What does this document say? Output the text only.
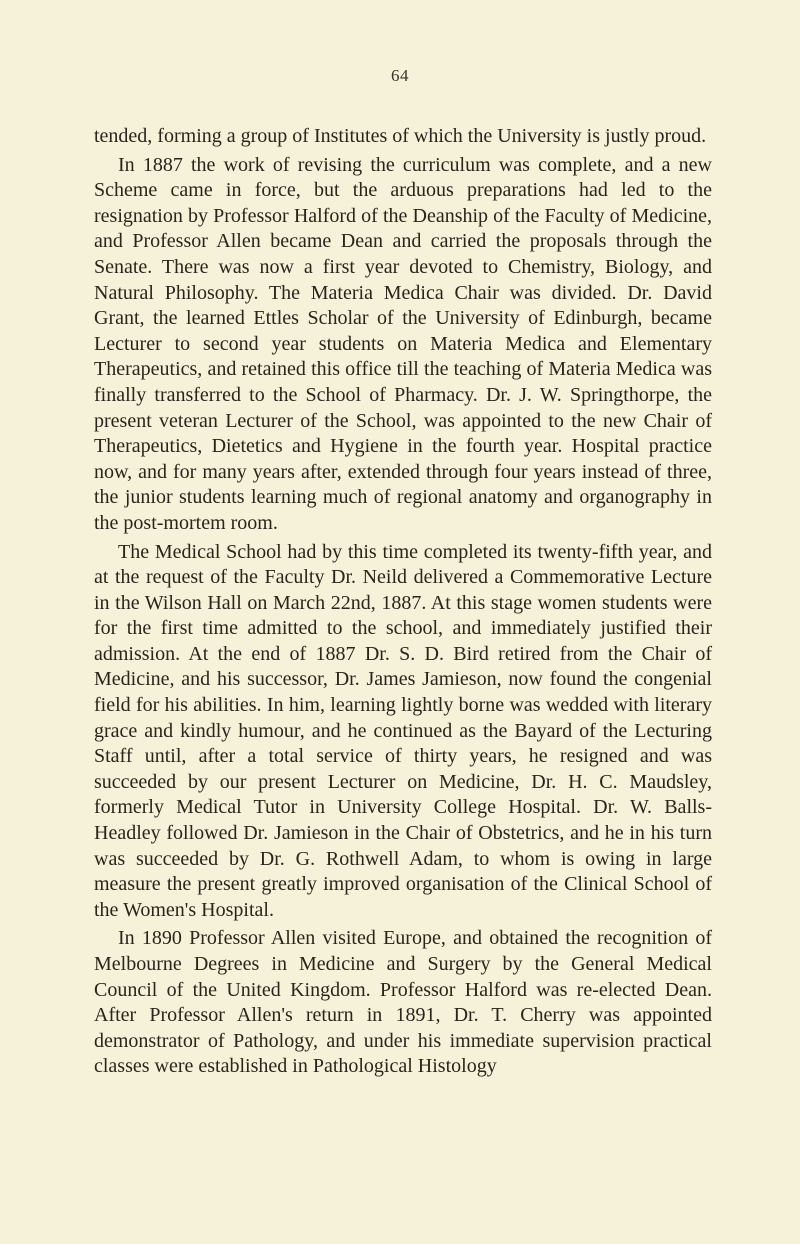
64

tended, forming a group of Institutes of which the University is justly proud.

In 1887 the work of revising the curriculum was complete, and a new Scheme came in force, but the arduous preparations had led to the resignation by Professor Halford of the Deanship of the Faculty of Medicine, and Professor Allen became Dean and carried the proposals through the Senate. There was now a first year devoted to Chemistry, Biology, and Natural Philosophy. The Materia Medica Chair was divided. Dr. David Grant, the learned Ettles Scholar of the University of Edinburgh, became Lecturer to second year students on Materia Medica and Elementary Therapeutics, and retained this office till the teaching of Materia Medica was finally transferred to the School of Pharmacy. Dr. J. W. Springthorpe, the present veteran Lecturer of the School, was appointed to the new Chair of Therapeutics, Dietetics and Hygiene in the fourth year. Hospital practice now, and for many years after, extended through four years instead of three, the junior students learning much of regional anatomy and organography in the post-mortem room.

The Medical School had by this time completed its twenty-fifth year, and at the request of the Faculty Dr. Neild delivered a Commemorative Lecture in the Wilson Hall on March 22nd, 1887. At this stage women students were for the first time admitted to the school, and immediately justified their admission. At the end of 1887 Dr. S. D. Bird retired from the Chair of Medicine, and his successor, Dr. James Jamieson, now found the congenial field for his abilities. In him, learning lightly borne was wedded with literary grace and kindly humour, and he continued as the Bayard of the Lecturing Staff until, after a total service of thirty years, he resigned and was succeeded by our present Lecturer on Medicine, Dr. H. C. Maudsley, formerly Medical Tutor in University College Hospital. Dr. W. Balls-Headley followed Dr. Jamieson in the Chair of Obstetrics, and he in his turn was succeeded by Dr. G. Rothwell Adam, to whom is owing in large measure the present greatly improved organisation of the Clinical School of the Women's Hospital.

In 1890 Professor Allen visited Europe, and obtained the recognition of Melbourne Degrees in Medicine and Surgery by the General Medical Council of the United Kingdom. Professor Halford was re-elected Dean. After Professor Allen's return in 1891, Dr. T. Cherry was appointed demonstrator of Pathology, and under his immediate supervision practical classes were established in Pathological Histology
